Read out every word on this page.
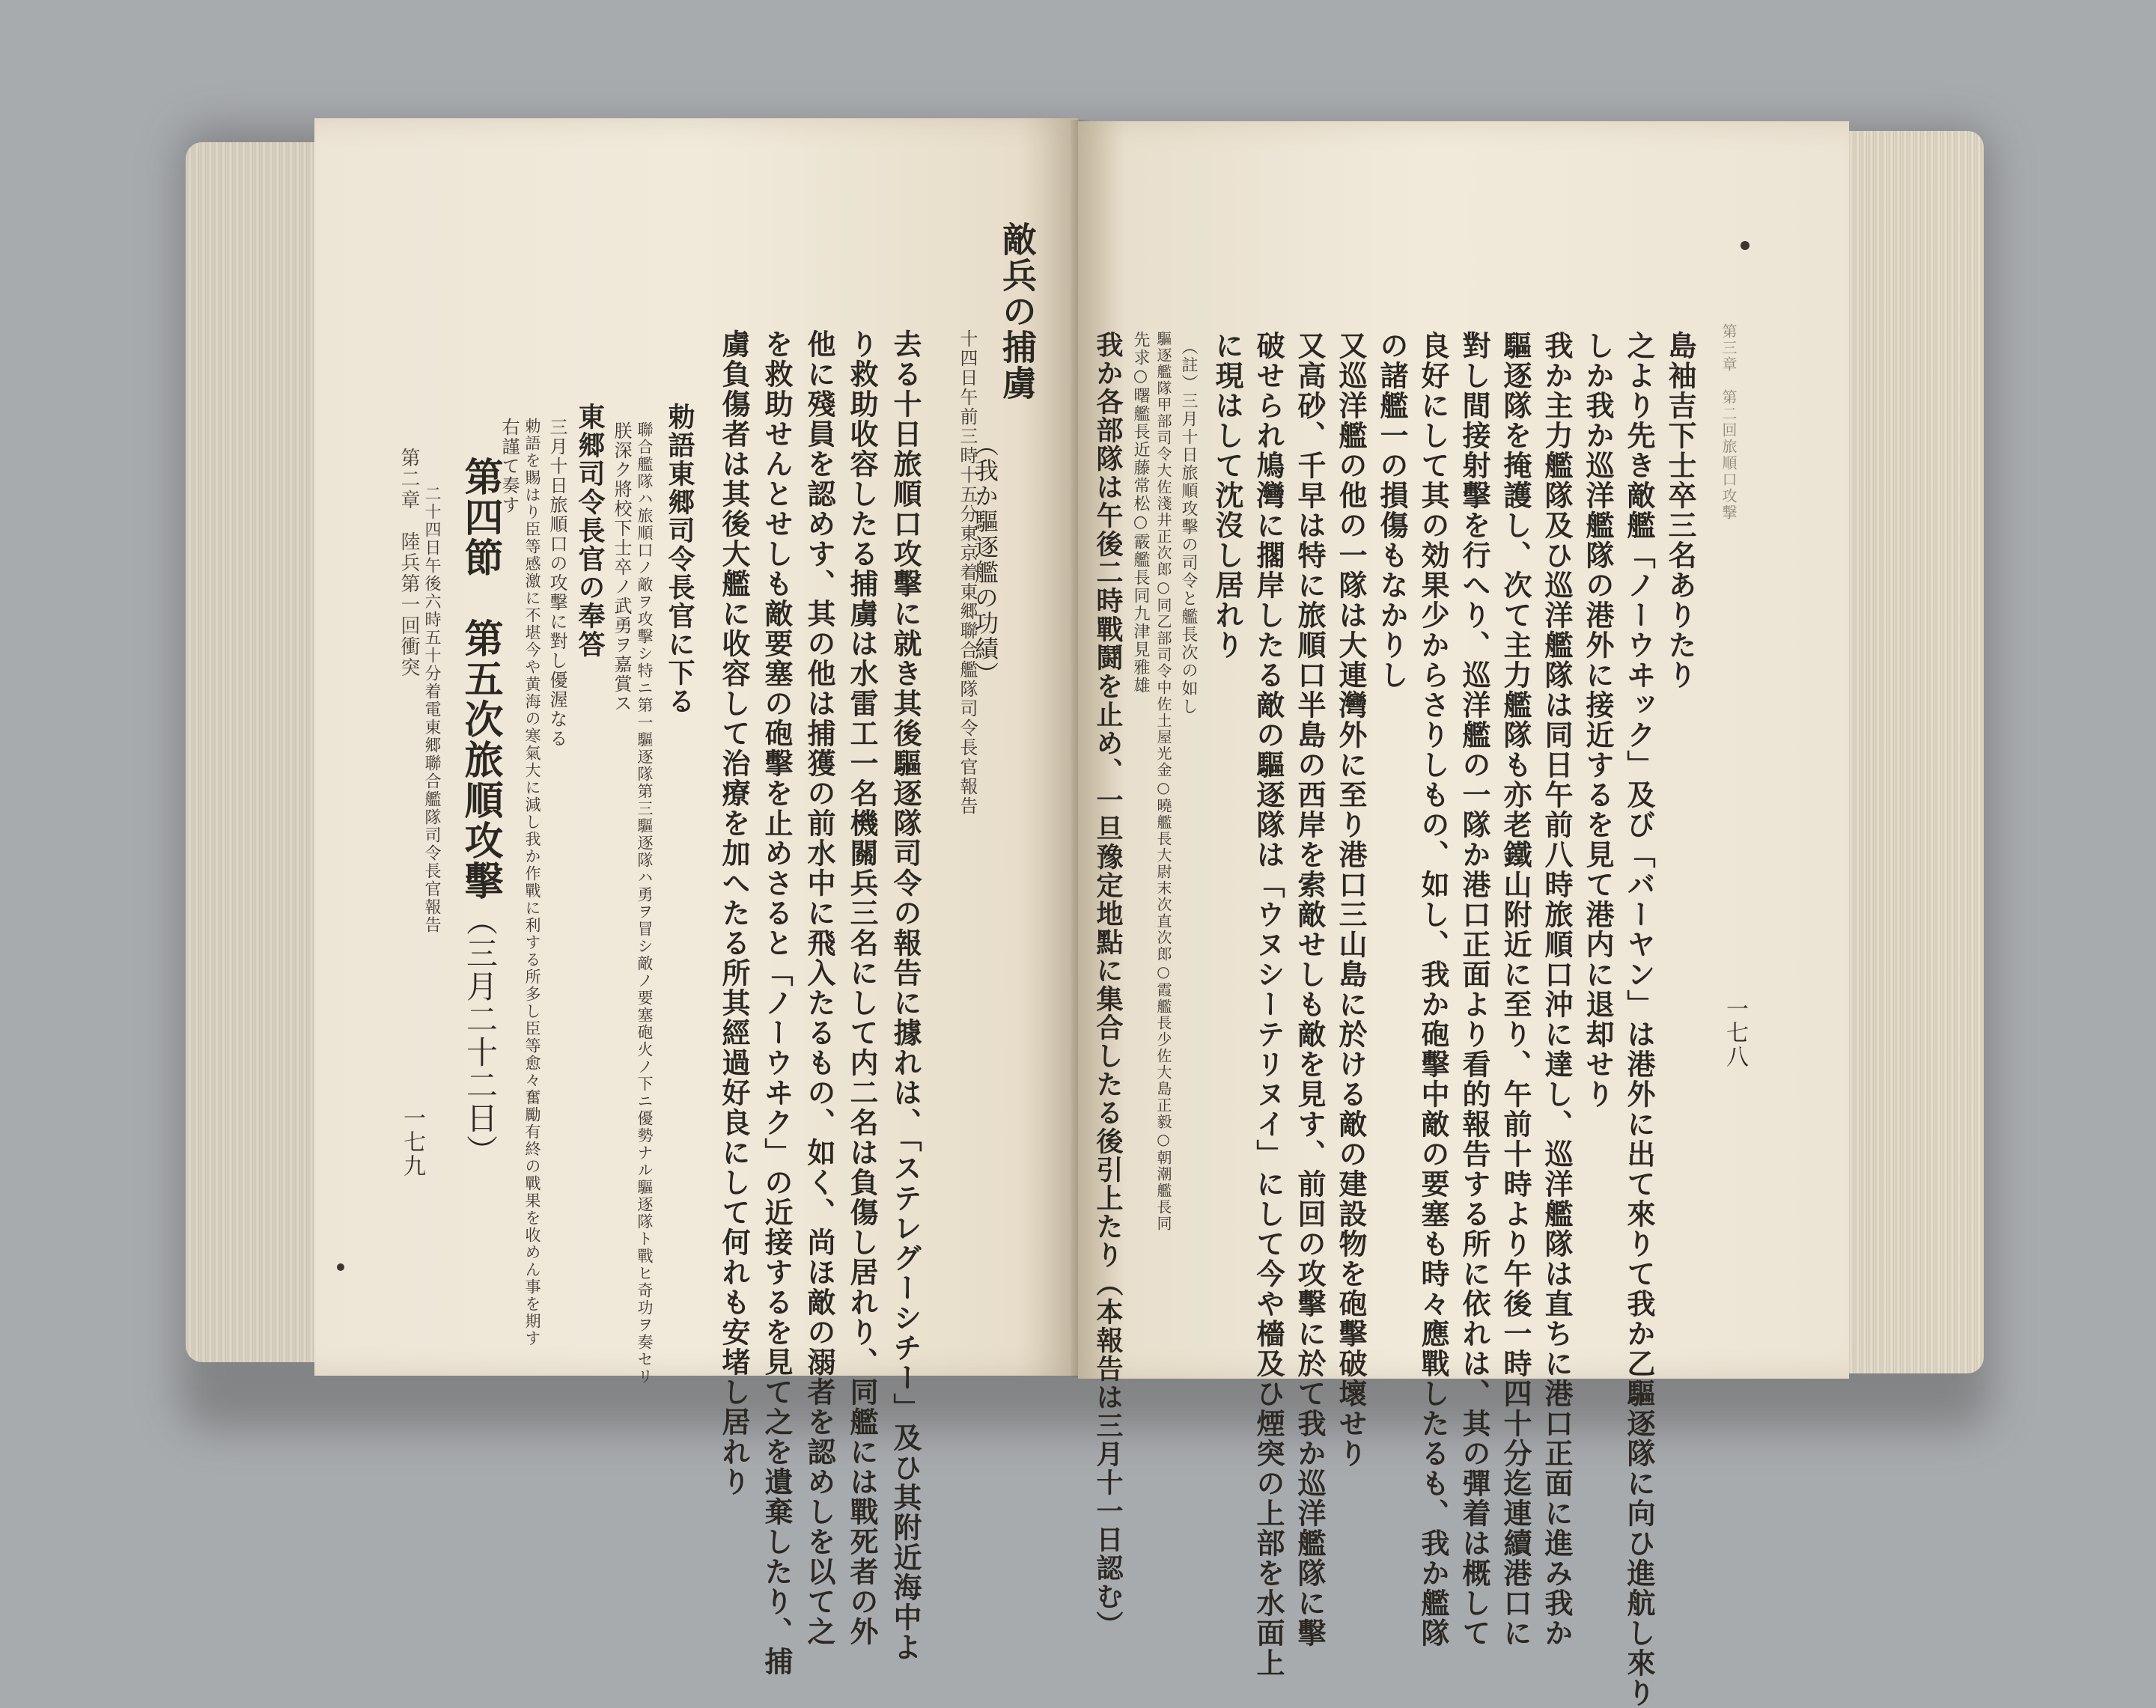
十四日午前三時十五分東京着東郷聯合艦隊司令長官報告
敵兵の捕虜
（我か驅逐艦の功績）
去る十日旅順口攻擊に就き其後驅逐隊司令の報告に據れは、「ステレグーシチー」及ひ其附近海中よ
り救助收容したる捕虜は水雷工一名機關兵三名にして内二名は負傷し居れり、同艦には戰死者の外
他に殘員を認めす、其の他は捕獲の前水中に飛入たるもの、如く、尚ほ敵の溺者を認めしを以て之
を救助せんとせしも敵要塞の砲擊を止めさると「ノーウヰク」の近接するを見て之を遺棄したり、捕
虜負傷者は其後大艦に收容して治療を加へたる所其經過好良にして何れも安堵し居れり
勅語東郷司令長官に下る
聯合艦隊ハ旅順口ノ敵ヲ攻擊シ特ニ第一驅逐隊第三驅逐隊ハ勇ヲ冒シ敵ノ要塞砲火ノ下ニ優勢ナル驅逐隊ト戰ヒ奇功ヲ奏セリ
朕深ク將校下士卒ノ武勇ヲ嘉賞ス
東郷司令長官の奉答
三月十日旅順口の攻擊に對し優渥なる
勅語を賜はり臣等感激に不堪今や黄海の寒氣大に減し我か作戰に利する所多し臣等愈々奮勵有終の戰果を收めん事を期す
右謹て奏す
第四節　第五次旅順攻擊
（三月二十二日）
二十四日午後六時五十分着電東郷聯合艦隊司令長官報告
第二章　陸兵第一回衝突
一七九
第三章　第二回旅順口攻撃
一七八
島袖吉下士卒三名ありたり
之より先き敵艦「ノーウヰック」及び「バーヤン」は港外に出て來りて我か乙驅逐隊に向ひ進航し來り
しか我か巡洋艦隊の港外に接近するを見て港内に退却せり
我か主力艦隊及ひ巡洋艦隊は同日午前八時旅順口沖に達し、巡洋艦隊は直ちに港口正面に進み我か
驅逐隊を掩護し、次て主力艦隊も亦老鐵山附近に至り、午前十時より午後一時四十分迄連續港口に
對し間接射擊を行へり、巡洋艦の一隊か港口正面より看的報告する所に依れは、其の彈着は概して
良好にして其の効果少からさりしもの、如し、我か砲擊中敵の要塞も時々應戰したるも、我か艦隊
の諸艦一の損傷もなかりし
又巡洋艦の他の一隊は大連灣外に至り港口三山島に於ける敵の建設物を砲擊破壞せり
又高砂、千早は特に旅順口半島の西岸を索敵せしも敵を見す、前回の攻擊に於て我か巡洋艦隊に擊
破せられ鳩灣に擱岸したる敵の驅逐隊は「ウヌシーテリヌイ」にして今や檣及ひ煙突の上部を水面上
に現はして沈沒し居れり
（註）三月十日旅順攻擊の司令と艦長次の如し
驅逐艦隊甲部司令大佐淺井正次郎○同乙部司令中佐土屋光金○曉艦長大尉末次直次郎○霞艦長少佐大島正毅○朝潮艦長同
先求○曙艦長近藤常松○霰艦長同九津見雅雄
我か各部隊は午後二時戰鬪を止め、一旦豫定地點に集合したる後引上たり（本報告は三月十一日認む）
